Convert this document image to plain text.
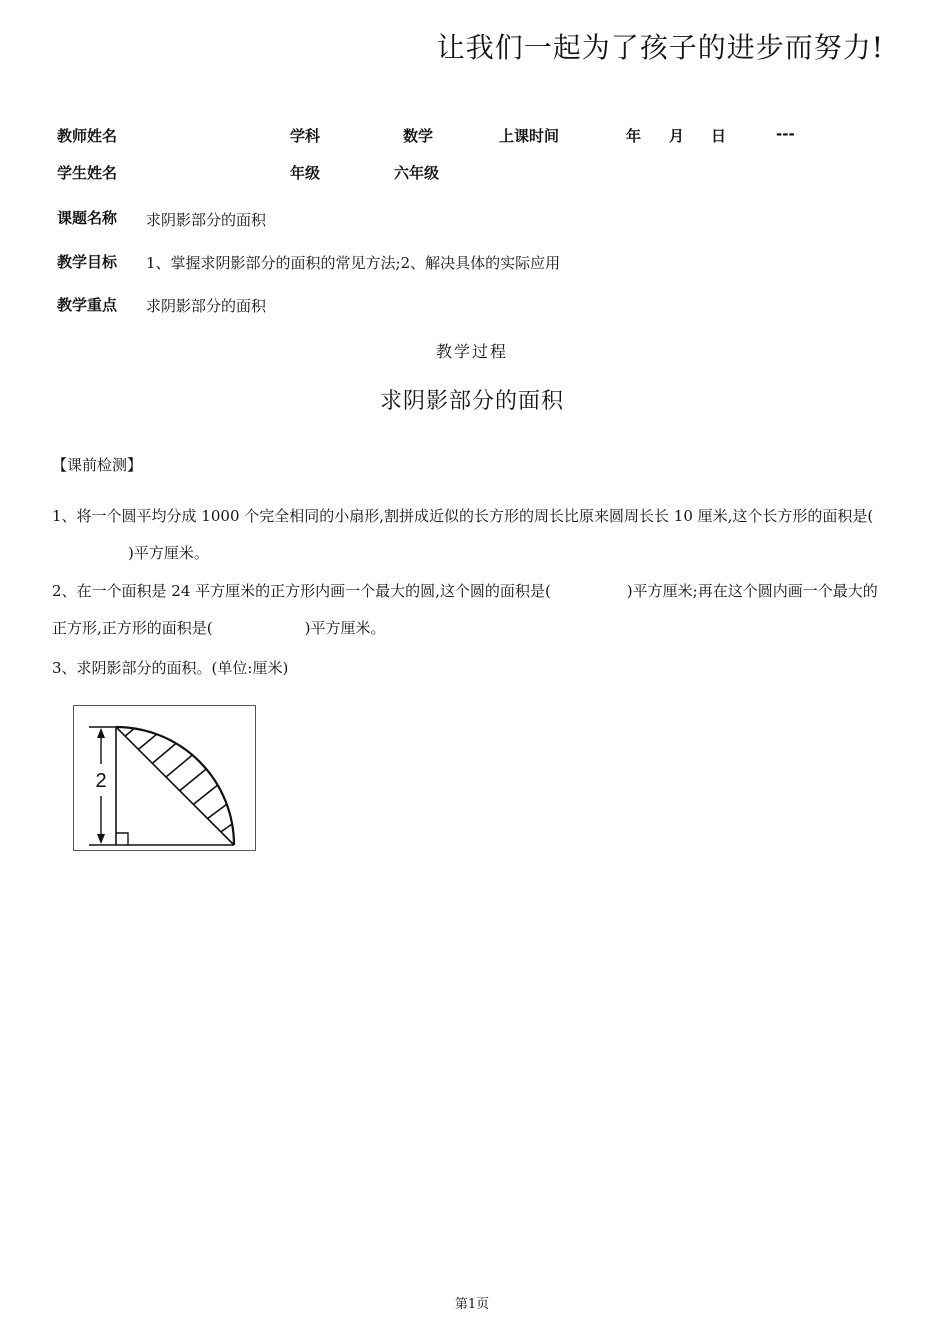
让我们一起为了孩子的进步而努力!
教师姓名	学科	数学	上课时间	年 月 日	---
学生姓名	年级	六年级
课题名称 求阴影部分的面积
教学目标 1、掌握求阴影部分的面积的常见方法;2、解决具体的实际应用
教学重点 求阴影部分的面积
教学过程
求阴影部分的面积
【课前检测】
1、将一个圆平均分成 1000 个完全相同的小扇形,割拼成近似的长方形的周长比原来圆周长长 10 厘米,这个长方形的面积是()平方厘米。
2、在一个面积是 24 平方厘米的正方形内画一个最大的圆,这个圆的面积是(	)平方厘米;再在这个圆内画一个最大的正方形,正方形的面积是(	)平方厘米。
3、求阴影部分的面积。(单位:厘米)
2
第1页
